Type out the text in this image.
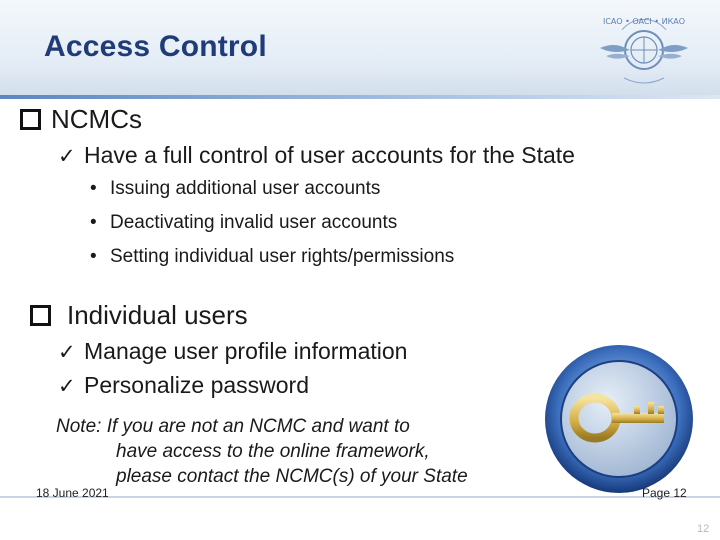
Access Control
ICAO • OACI • ИКАО
NCMCs
✓ Have a full control of user accounts for the State
• Issuing additional user accounts
• Deactivating invalid user accounts
• Setting individual user rights/permissions
Individual users
✓ Manage user profile information
✓ Personalize password
Note: If you are not an NCMC and want to
have access to the online framework,
please contact the NCMC(s) of your State
18 June 2021	Page 12
12
